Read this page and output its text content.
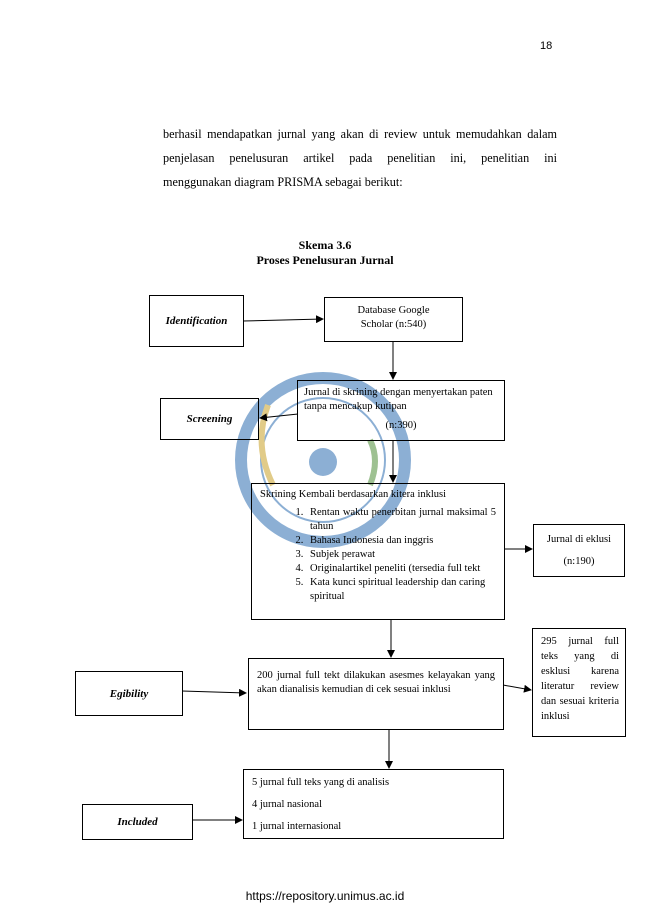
18
berhasil mendapatkan jurnal yang akan di review untuk memudahkan dalam
penjelasan penelusuran artikel pada penelitian ini, penelitian ini
menggunakan diagram PRISMA sebagai berikut:
Skema 3.6
Proses Penelusuran Jurnal
Identification
Screening
Egibility
Included
Database Google
Scholar (n:540)
Jurnal di skrining dengan menyertakan paten tanpa mencakup kutipan
(n:390)
Skrining Kembali berdasarkan kitera inklusi
1. Rentan waktu penerbitan jurnal maksimal 5 tahun
2. Bahasa Indonesia dan inggris
3. Subjek perawat
4. Originalartikel peneliti (tersedia full tekt
5. Kata kunci spiritual leadership dan caring spiritual
Jurnal di eklusi
(n:190)
200 jurnal full tekt dilakukan asesmes kelayakan yang akan dianalisis kemudian di cek sesuai inklusi
295 jurnal full teks yang di esklusi karena literatur review dan sesuai kriteria inklusi
5 jurnal full teks yang di analisis
4 jurnal nasional
1 jurnal internasional
https://repository.unimus.ac.id
